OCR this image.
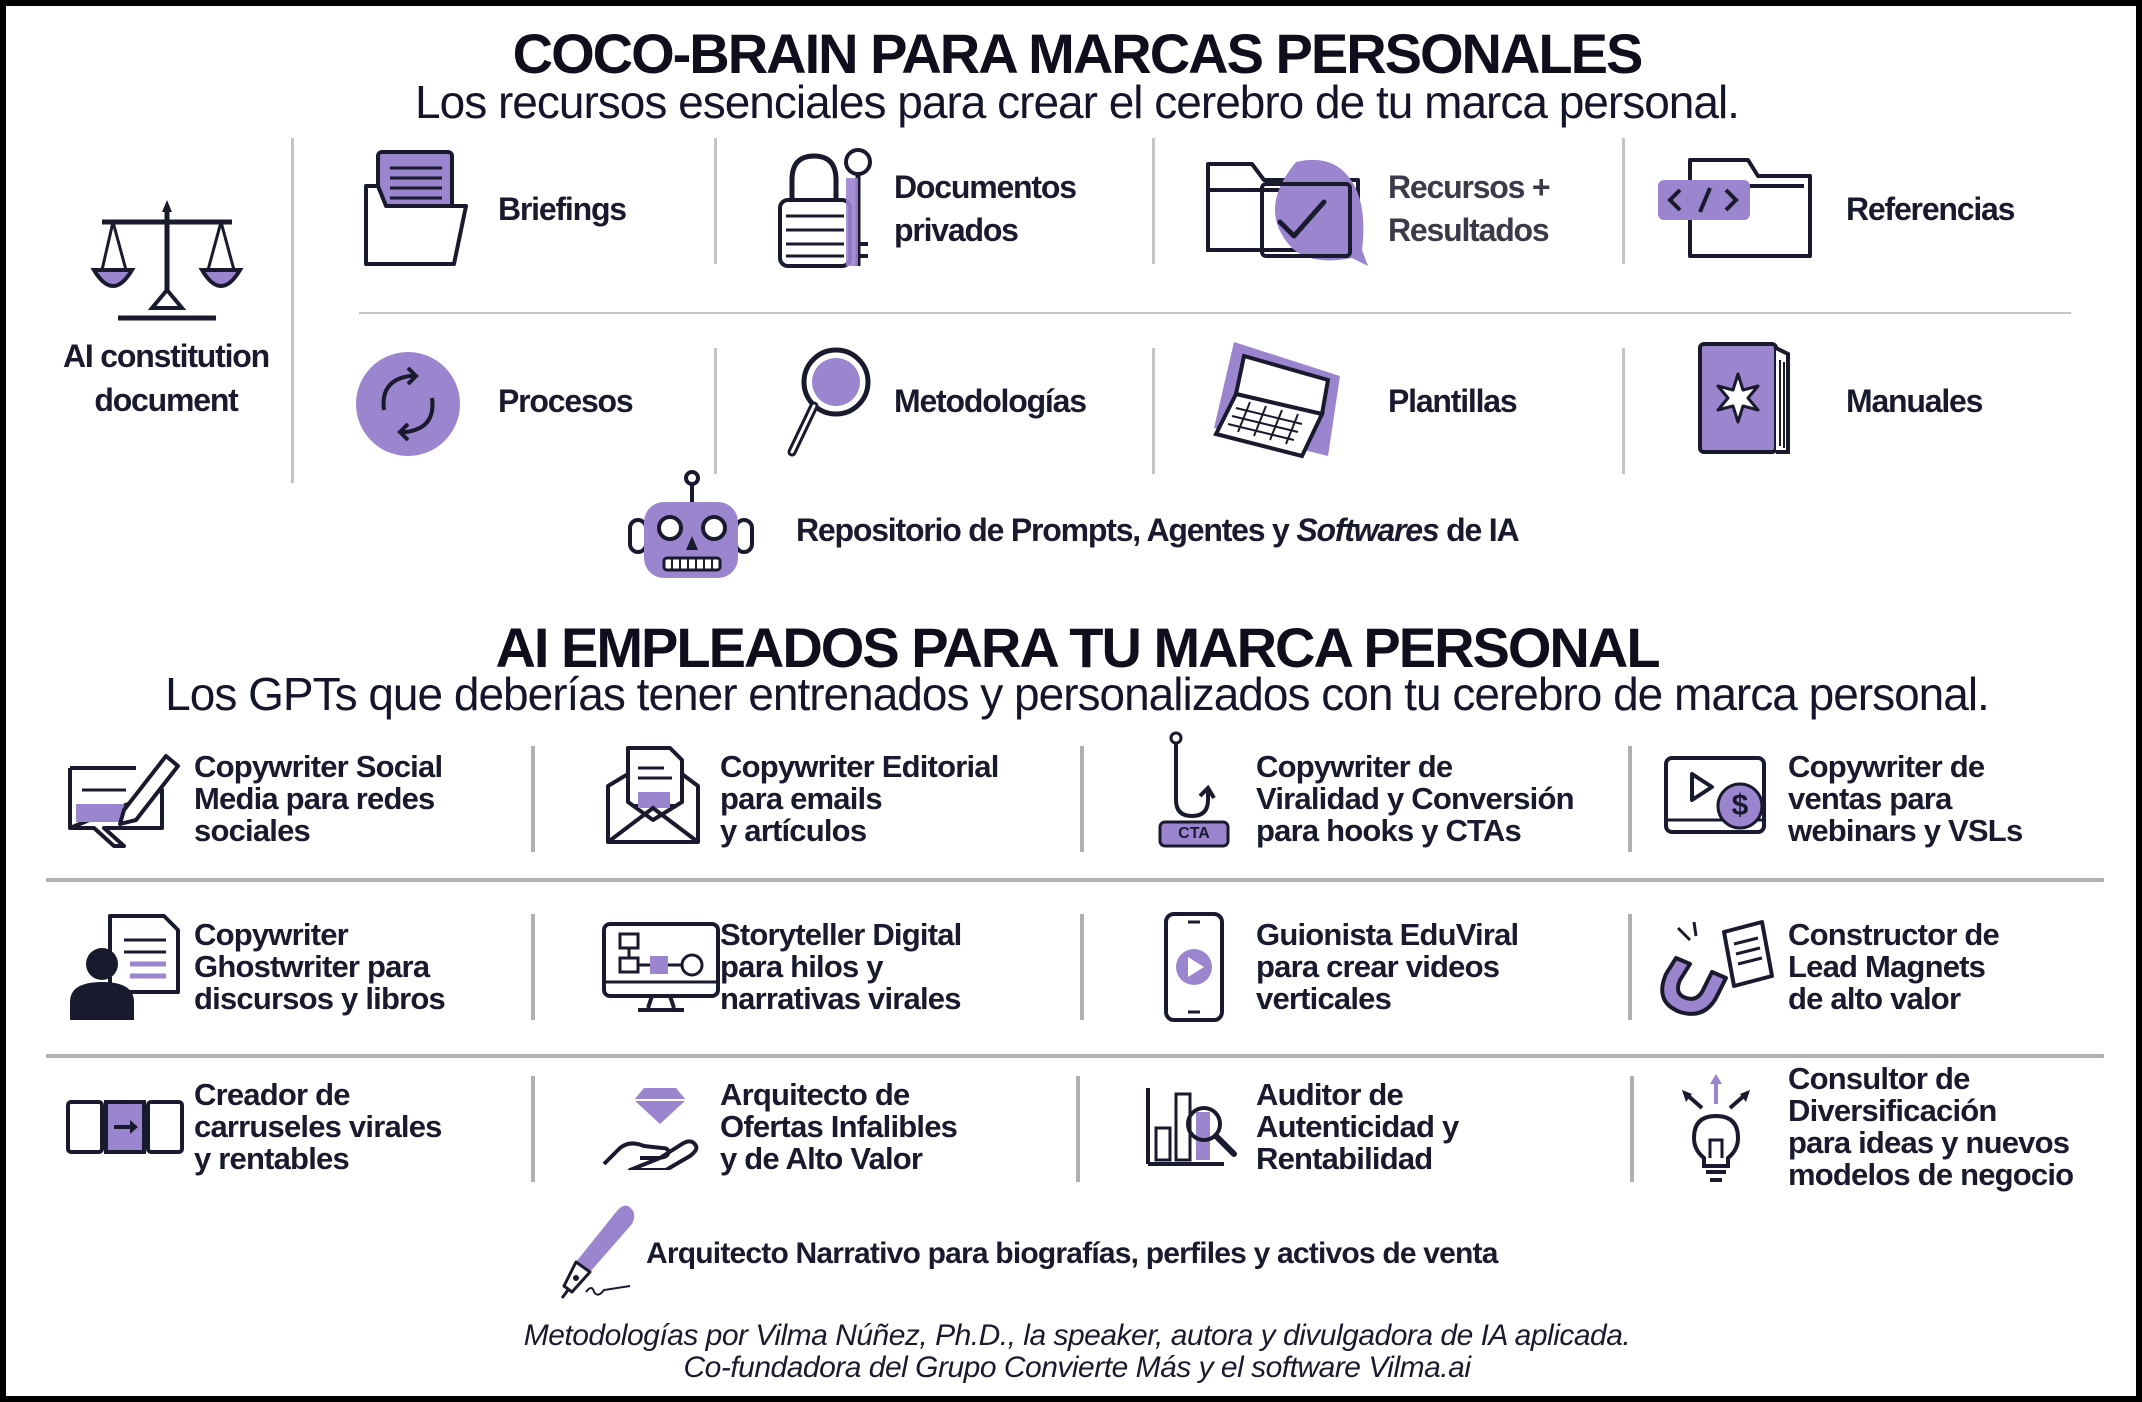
COCO-BRAIN PARA MARCAS PERSONALES
Los recursos esenciales para crear el cerebro de tu marca personal.
AI constitution
document
Briefings
Documentos
privados
Recursos +
Resultados
Referencias
Procesos	Metodologías	Plantillas	Manuales
Repositorio de Prompts, Agentes y Softwares de IA
AI EMPLEADOS PARA TU MARCA PERSONAL
Los GPTs que deberías tener entrenados y personalizados con tu cerebro de marca personal.
Copywriter Social
Media para redes
sociales
Copywriter Editorial
para emails
y artículos	CTA
Copywriter de
Viralidad y Conversión
para hooks y CTAs
$
Copywriter de
ventas para
webinars y VSLs
Copywriter
Ghostwriter para
discursos y libros
Storyteller Digital
para hilos y
narrativas virales
Guionista EduViral
para crear videos
verticales
Constructor de
Lead Magnets
de alto valor
Creador de
carruseles virales
y rentables
Arquitecto de
Ofertas Infalibles
y de Alto Valor
Auditor de
Autenticidad y
Rentabilidad
Consultor de
Diversificación
para ideas y nuevos
modelos de negocio
Arquitecto Narrativo para biografías, perfiles y activos de venta
Metodologías por Vilma Núñez, Ph.D., la speaker, autora y divulgadora de IA aplicada.
Co-fundadora del Grupo Convierte Más y el software Vilma.ai
